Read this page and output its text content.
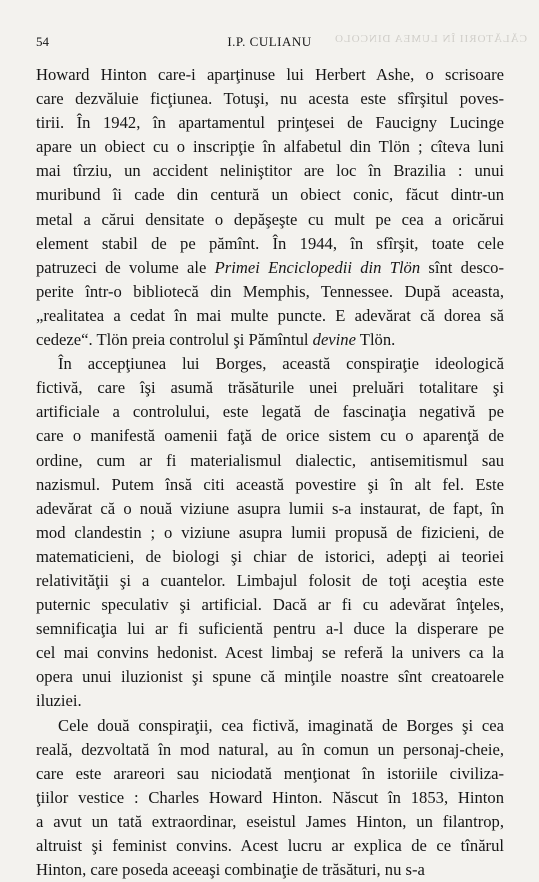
CĂLĂTORII ÎN LUMEA DINCOLO
54	I.P. CULIANU

Howard Hinton care-i aparţinuse lui Herbert Ashe, o scrisoare
care dezvăluie ficţiunea. Totuşi, nu acesta este sfîrşitul poves-
tirii. În 1942, în apartamentul prinţesei de Faucigny Lucinge
apare un obiect cu o inscripţie în alfabetul din Tlön ; cîteva luni
mai tîrziu, un accident neliniştitor are loc în Brazilia : unui
muribund îi cade din centură un obiect conic, făcut dintr-un
metal a cărui densitate o depăşeşte cu mult pe cea a oricărui
element stabil de pe pămînt. În 1944, în sfîrşit, toate cele
patruzeci de volume ale Primei Enciclopedii din Tlön sînt desco-
perite într-o bibliotecă din Memphis, Tennessee. După aceasta,
„realitatea a cedat în mai multe puncte. E adevărat că dorea să
cedeze“. Tlön preia controlul şi Pămîntul devine Tlön.

În accepţiunea lui Borges, această conspiraţie ideologică
fictivă, care îşi asumă trăsăturile unei preluări totalitare şi
artificiale a controlului, este legată de fascinaţia negativă pe
care o manifestă oamenii faţă de orice sistem cu o aparenţă de
ordine, cum ar fi materialismul dialectic, antisemitismul sau
nazismul. Putem însă citi această povestire şi în alt fel. Este
adevărat că o nouă viziune asupra lumii s-a instaurat, de fapt, în
mod clandestin ; o viziune asupra lumii propusă de fizicieni, de
matematicieni, de biologi şi chiar de istorici, adepţi ai teoriei
relativităţii şi a cuantelor. Limbajul folosit de toţi aceştia este
puternic speculativ şi artificial. Dacă ar fi cu adevărat înţeles,
semnificaţia lui ar fi suficientă pentru a-l duce la disperare pe
cel mai convins hedonist. Acest limbaj se referă la univers ca la
opera unui iluzionist şi spune că minţile noastre sînt creatoarele
iluziei.

Cele două conspiraţii, cea fictivă, imaginată de Borges şi cea
reală, dezvoltată în mod natural, au în comun un personaj-cheie,
care este arareori sau niciodată menţionat în istoriile civiliza-
ţiilor vestice : Charles Howard Hinton. Născut în 1853, Hinton
a avut un tată extraordinar, eseistul James Hinton, un filantrop,
altruist şi feminist convins. Acest lucru ar explica de ce tînărul
Hinton, care poseda aceeaşi combinaţie de trăsături, nu s-a
